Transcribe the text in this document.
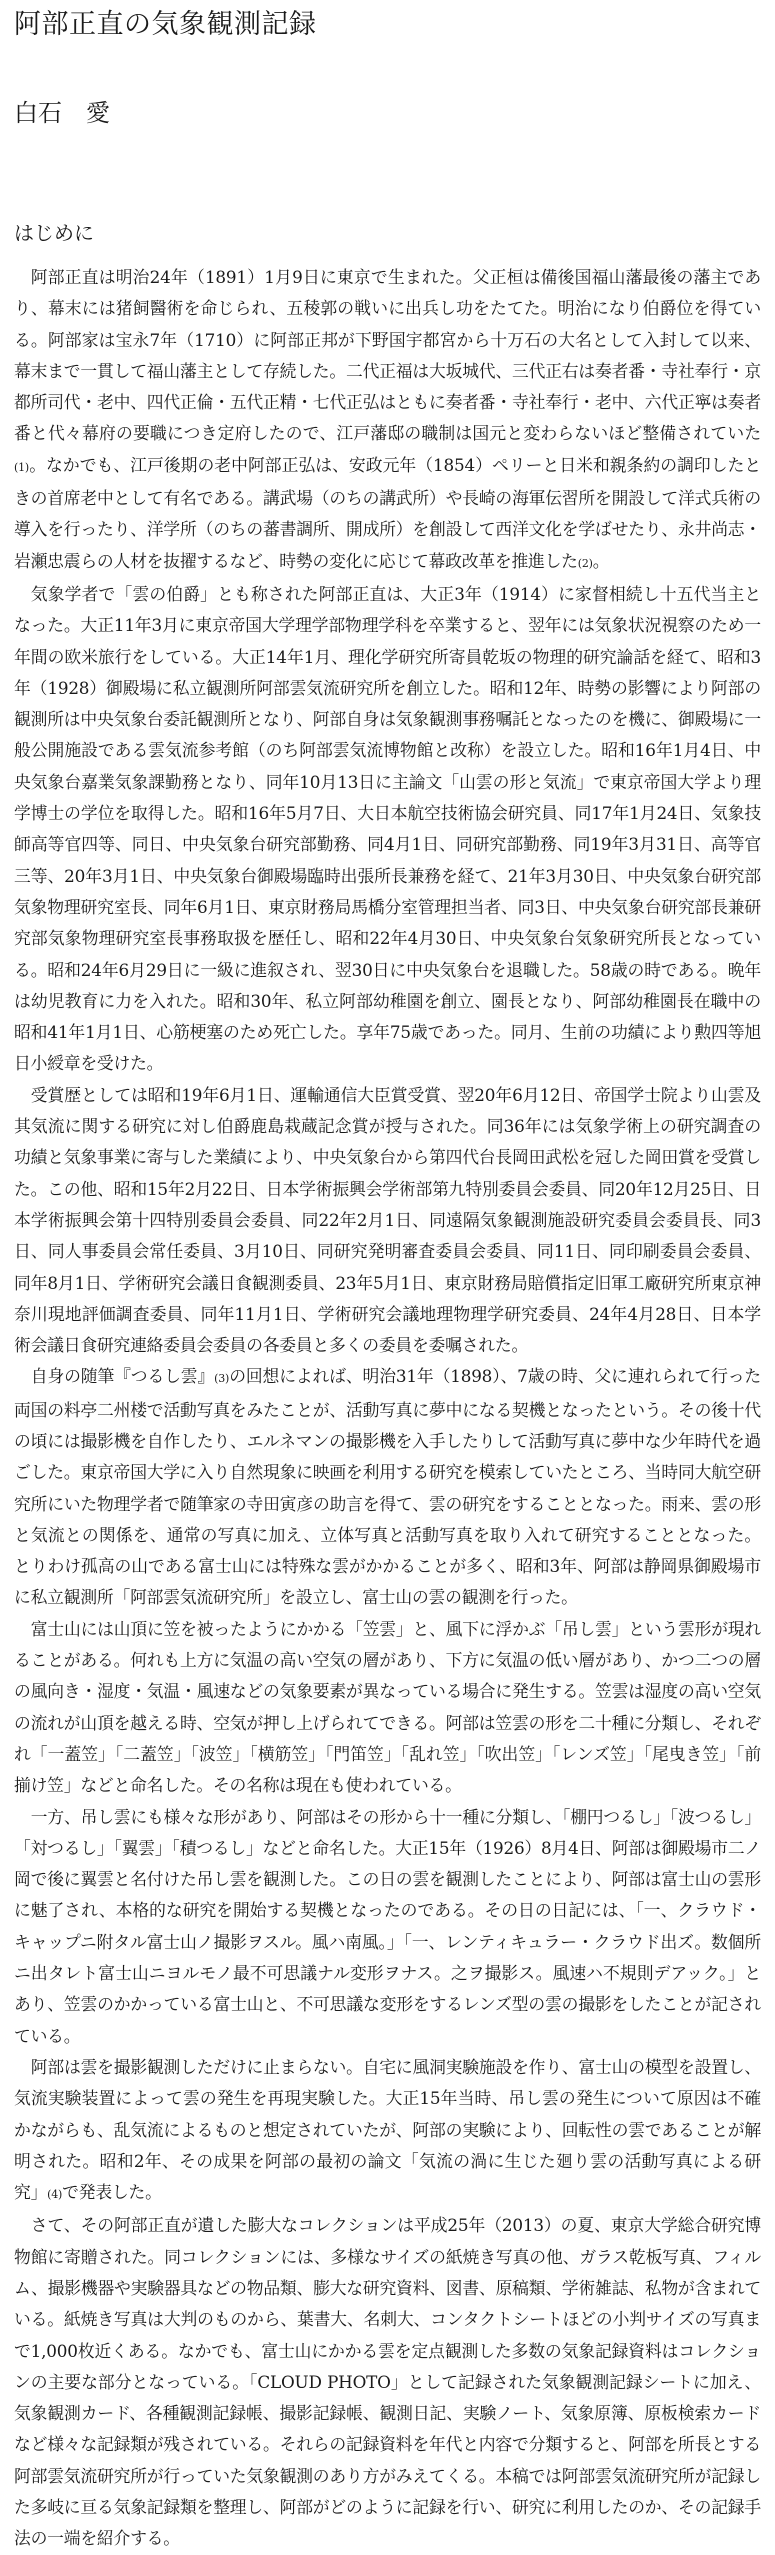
阿部正直の気象観測記録
白石　愛
はじめに

阿部正直は明治24年（1891）1月9日に東京で生まれた。父正桓は備後国福山藩最後の藩主であり、幕末には猪飼醫術を命じられ、五稜郭の戦いに出兵し功をたてた。明治になり伯爵位を得ている。阿部家は宝永7年（1710）に阿部正邦が下野国宇都宮から十万石の大名として入封して以来、幕末まで一貫して福山藩主として存続した。二代正福は大坂城代、三代正右は奏者番・寺社奉行・京都所司代・老中、四代正倫・五代正精・七代正弘はともに奏者番・寺社奉行・老中、六代正寧は奏者番と代々幕府の要職につき定府したので、江戸藩邸の職制は国元と変わらないほど整備されていた(1)。なかでも、江戸後期の老中阿部正弘は、安政元年（1854）ペリーと日米和親条約の調印したときの首席老中として有名である。講武場（のちの講武所）や長崎の海軍伝習所を開設して洋式兵術の導入を行ったり、洋学所（のちの蕃書調所、開成所）を創設して西洋文化を学ばせたり、永井尚志・岩瀬忠震らの人材を抜擢するなど、時勢の変化に応じて幕政改革を推進した(2)。

気象学者で「雲の伯爵」とも称された阿部正直は、大正3年（1914）に家督相続し十五代当主となった。大正11年3月に東京帝国大学理学部物理学科を卒業すると、翌年には気象状況視察のため一年間の欧米旅行をしている。大正14年1月、理化学研究所寄員乾坂の物理的研究論話を経て、昭和3年（1928）御殿場に私立観測所阿部雲気流研究所を創立した。昭和12年、時勢の影響により阿部の観測所は中央気象台委託観測所となり、阿部自身は気象観測事務嘱託となったのを機に、御殿場に一般公開施設である雲気流参考館（のち阿部雲気流博物館と改称）を設立した。昭和16年1月4日、中央気象台嘉業気象課勤務となり、同年10月13日に主論文「山雲の形と気流」で東京帝国大学より理学博士の学位を取得した。昭和16年5月7日、大日本航空技術協会研究員、同17年1月24日、気象技師高等官四等、同日、中央気象台研究部勤務、同4月1日、同研究部勤務、同19年3月31日、高等官三等、20年3月1日、中央気象台御殿場臨時出張所長兼務を経て、21年3月30日、中央気象台研究部気象物理研究室長、同年6月1日、東京財務局馬橋分室管理担当者、同3日、中央気象台研究部長兼研究部気象物理研究室長事務取扱を歴任し、昭和22年4月30日、中央気象台気象研究所長となっている。昭和24年6月29日に一級に進叙され、翌30日に中央気象台を退職した。58歳の時である。晩年は幼児教育に力を入れた。昭和30年、私立阿部幼稚園を創立、園長となり、阿部幼稚園長在職中の昭和41年1月1日、心筋梗塞のため死亡した。享年75歳であった。同月、生前の功績により勲四等旭日小綬章を受けた。

受賞歴としては昭和19年6月1日、運輸通信大臣賞受賞、翌20年6月12日、帝国学士院より山雲及其気流に関する研究に対し伯爵鹿島栽蔵記念賞が授与された。同36年には気象学術上の研究調査の功績と気象事業に寄与した業績により、中央気象台から第四代台長岡田武松を冠した岡田賞を受賞した。この他、昭和15年2月22日、日本学術振興会学術部第九特別委員会委員、同20年12月25日、日本学術振興会第十四特別委員会委員、同22年2月1日、同遠隔気象観測施設研究委員会委員長、同3日、同人事委員会常任委員、3月10日、同研究発明審査委員会委員、同11日、同印刷委員会委員、同年8月1日、学術研究会議日食観測委員、23年5月1日、東京財務局賠償指定旧軍工廠研究所東京神奈川現地評価調査委員、同年11月1日、学術研究会議地理物理学研究委員、24年4月28日、日本学術会議日食研究連絡委員会委員の各委員と多くの委員を委嘱された。

自身の随筆『つるし雲』(3)の回想によれば、明治31年（1898）、7歳の時、父に連れられて行った両国の料亭二州楼で活動写真をみたことが、活動写真に夢中になる契機となったという。その後十代の頃には撮影機を自作したり、エルネマンの撮影機を入手したりして活動写真に夢中な少年時代を過ごした。東京帝国大学に入り自然現象に映画を利用する研究を模索していたところ、当時同大航空研究所にいた物理学者で随筆家の寺田寅彦の助言を得て、雲の研究をすることとなった。雨来、雲の形と気流との関係を、通常の写真に加え、立体写真と活動写真を取り入れて研究することとなった。とりわけ孤高の山である富士山には特殊な雲がかかることが多く、昭和3年、阿部は静岡県御殿場市に私立観測所「阿部雲気流研究所」を設立し、富士山の雲の観測を行った。

富士山には山頂に笠を被ったようにかかる「笠雲」と、風下に浮かぶ「吊し雲」という雲形が現れることがある。何れも上方に気温の高い空気の層があり、下方に気温の低い層があり、かつ二つの層の風向き・湿度・気温・風速などの気象要素が異なっている場合に発生する。笠雲は湿度の高い空気の流れが山頂を越える時、空気が押し上げられてできる。阿部は笠雲の形を二十種に分類し、それぞれ「一蓋笠」「二蓋笠」「波笠」「横筋笠」「門笛笠」「乱れ笠」「吹出笠」「レンズ笠」「尾曳き笠」「前揃け笠」などと命名した。その名称は現在も使われている。

一方、吊し雲にも様々な形があり、阿部はその形から十一種に分類し、「棚円つるし」「波つるし」「対つるし」「翼雲」「積つるし」などと命名した。大正15年（1926）8月4日、阿部は御殿場市二ノ岡で後に翼雲と名付けた吊し雲を観測した。この日の雲を観測したことにより、阿部は富士山の雲形に魅了され、本格的な研究を開始する契機となったのである。その日の日記には、「一、クラウド・キャップニ附タル富士山ノ撮影ヲスル。風ハ南風。」「一、レンティキュラー・クラウド出ズ。数個所ニ出タレト富士山ニヨルモノ最不可思議ナル変形ヲナス。之ヲ撮影ス。風速ハ不規則デアック。」とあり、笠雲のかかっている富士山と、不可思議な変形をするレンズ型の雲の撮影をしたことが記されている。

阿部は雲を撮影観測しただけに止まらない。自宅に風洞実験施設を作り、富士山の模型を設置し、気流実験装置によって雲の発生を再現実験した。大正15年当時、吊し雲の発生について原因は不確かながらも、乱気流によるものと想定されていたが、阿部の実験により、回転性の雲であることが解明された。昭和2年、その成果を阿部の最初の論文「気流の渦に生じた廻り雲の活動写真による研究」(4)で発表した。

さて、その阿部正直が遺した膨大なコレクションは平成25年（2013）の夏、東京大学総合研究博物館に寄贈された。同コレクションには、多様なサイズの紙焼き写真の他、ガラス乾板写真、フィルム、撮影機器や実験器具などの物品類、膨大な研究資料、図書、原稿類、学術雑誌、私物が含まれている。紙焼き写真は大判のものから、葉書大、名刺大、コンタクトシートほどの小判サイズの写真まで1,000枚近くある。なかでも、富士山にかかる雲を定点観測した多数の気象記録資料はコレクションの主要な部分となっている。「CLOUD PHOTO」として記録された気象観測記録シートに加え、気象観測カード、各種観測記録帳、撮影記録帳、観測日記、実験ノート、気象原簿、原板検索カードなど様々な記録類が残されている。それらの記録資料を年代と内容で分類すると、阿部を所長とする阿部雲気流研究所が行っていた気象観測のあり方がみえてくる。本稿では阿部雲気流研究所が記録した多岐に亘る気象記録類を整理し、阿部がどのように記録を行い、研究に利用したのか、その記録手法の一端を紹介する。
